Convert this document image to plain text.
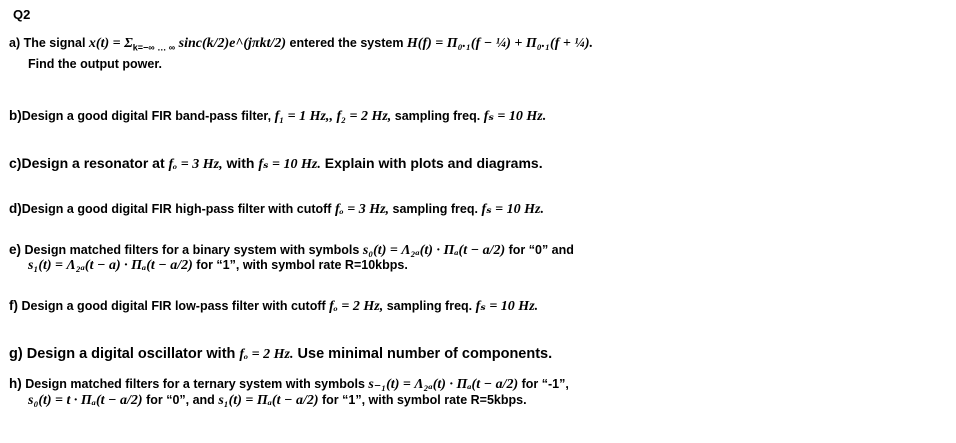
Q2
a) The signal $x(t) = \Sigma_{k=-\infty \dots \infty}$ sinc(k/2)e^(jπkt/2) entered the system H(f) = Π₀.₁(f − ¼) + Π₀.₁(f + ¼).
Find the output power.
b)Design a good digital FIR band-pass filter, f₁ = 1 Hz,, f₂ = 2 Hz, sampling freq. fₛ = 10 Hz.
c)Design a resonator at fₒ = 3 Hz, with fₛ = 10 Hz. Explain with plots and diagrams.
d)Design a good digital FIR high-pass filter with cutoff fₒ = 3 Hz, sampling freq. fₛ = 10 Hz.
e) Design matched filters for a binary system with symbols s₀(t) = Λ₂ₐ(t) · Πₐ(t − a/2) for “0” and
s₁(t) = Λ₂ₐ(t − a) · Πₐ(t − a/2) for “1”, with symbol rate R=10kbps.
f) Design a good digital FIR low-pass filter with cutoff fₒ = 2 Hz, sampling freq. fₛ = 10 Hz.
g) Design a digital oscillator with fₒ = 2 Hz. Use minimal number of components.
h) Design matched filters for a ternary system with symbols s₋₁(t) = Λ₂ₐ(t) · Πₐ(t − a/2) for “-1”,
s₀(t) = t · Πₐ(t − a/2) for “0”, and s₁(t) = Πₐ(t − a/2) for “1”, with symbol rate R=5kbps.
